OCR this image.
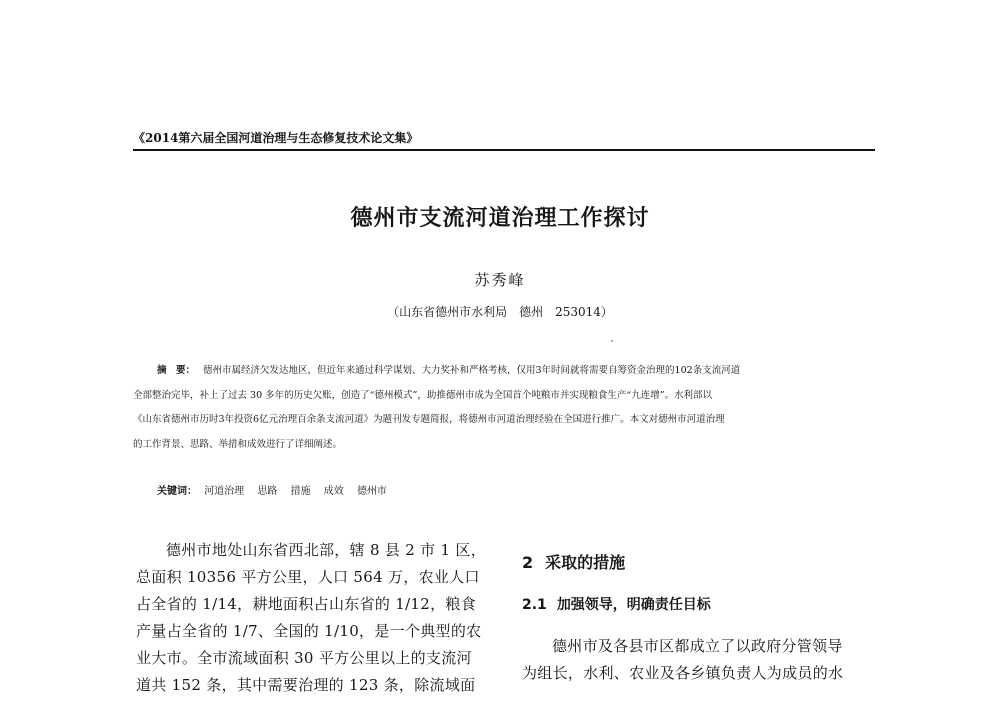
《2014第六届全国河道治理与生态修复技术论文集》
德州市支流河道治理工作探讨
苏秀峰
（山东省德州市水利局　德州　253014）
摘　要： 德州市属经济欠发达地区，但近年来通过科学谋划、大力奖补和严格考核，仅用3年时间就将需要自筹资金治理的102条支流河道
全部整治完毕，补上了过去 30 多年的历史欠账，创造了“德州模式”，助推德州市成为全国首个吨粮市并实现粮食生产“九连增”。水利部以
《山东省德州市历时3年投资6亿元治理百余条支流河道》为题刊发专题简报，将德州市河道治理经验在全国进行推广。本文对德州市河道治理
的工作背景、思路、举措和成效进行了详细阐述。
关键词： 河道治理 思路 措施 成效 德州市
德州市地处山东省西北部，辖 8 县 2 市 1 区，
总面积 10356 平方公里，人口 564 万，农业人口
占全省的 1/14，耕地面积占山东省的 1/12，粮食
产量占全省的 1/7、全国的 1/10，是一个典型的农
业大市。全市流域面积 30 平方公里以上的支流河
道共 152 条，其中需要治理的 123 条，除流域面
2 采取的措施
2.1 加强领导，明确责任目标
德州市及各县市区都成立了以政府分管领导
为组长，水利、农业及各乡镇负责人为成员的水
